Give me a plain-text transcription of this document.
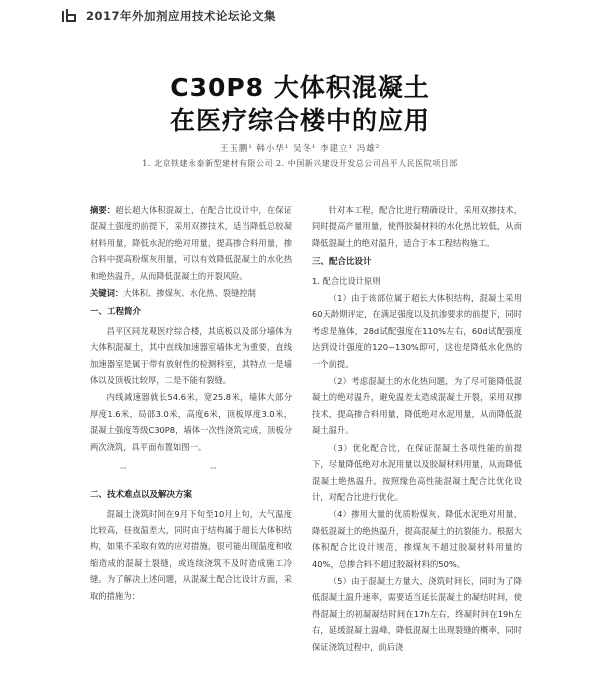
2017年外加剂应用技术论坛论文集
C30P8 大体积混凝土
在医疗综合楼中的应用
王玉鹏¹ 韩小华¹ 吴冬¹ 李建立¹ 冯雄²
1. 北京铁建永泰新型建材有限公司 2. 中国新兴建设开发总公司昌平人民医院项目部

摘要：超长超大体积混凝土，在配合比设计中，在保证混凝土强度的前提下，采用双掺技术，适当降低总胶凝材料用量，降低水泥的绝对用量，提高掺合料用量，掺合料中提高粉煤灰用量，可以有效降低混凝土的水化热和绝热温升，从而降低混凝土的开裂风险。

关键词：大体积、掺煤灰、水化热、裂缝控制

一、工程简介

昌平区同龙观医疗综合楼，其底板以及部分墙体为大体积混凝土，其中直线加速器室墙体尤为重要，直线加速器室是属于带有放射性的检测科室，其特点一是墙体以及顶板比较厚，二是不能有裂缝。

内线减速器就长54.6米，宽25.8米，墙体大部分厚度1.6米，局部3.0米，高度6米，顶板厚度3.0米，混凝土强度等级C30P8，墙体一次性浇筑完成，顶板分两次浇筑，具平面布置如图一。

""	""
二、技术难点以及解决方案

混凝土浇筑时间在9月下旬至10月上旬，大气温度比较高，昼夜温差大，同时由于结构属于超长大体积结构，如果不采取有效的应对措施，很可能出现温度和收缩造成的混凝土裂缝，或连续浇筑不及时造成施工冷缝。为了解决上述问题，从混凝土配合比设计方面，采取的措施为：

针对本工程，配合比进行精确设计，采用双掺技术，同时提高产量用量，使得胶凝材料的水化热比较低，从而降低混凝土的绝对温升，适合于本工程结构施工。

三、配合比设计
1. 配合比设计原则

（1）由于该部位属于超长大体积结构，混凝土采用60天龄期评定，在满足强度以及抗渗要求的前提下，同时考虑是施体，28d试配强度在110%左右，60d试配强度达到设计强度的120~130%即可，这也是降低水化热的一个前提。

（2）考虑混凝土的水化热问题，为了尽可能降低混凝土的绝对温升，避免温差太造成混凝土开裂，采用双掺技术，提高掺合料用量，降低绝对水泥用量，从而降低混凝土温升。

（3）优化配合比，在保证混凝土各项性能的前提下，尽量降低绝对水泥用量以及胶凝材料用量，从而降低混凝土绝热温升。按照缘色高性能混凝土配合比优化设计，对配合比进行优化。

（4）掺用大量的优质粉煤灰、降低水泥绝对用量，降低混凝土的绝热温升，提高混凝土的抗裂能力。根据大体积配合比设计规范，掺煤灰不超过胶凝材料用量的40%，总掺合料不超过胶凝材料的50%。

（5）由于混凝土方量大，浇筑时间长，同时为了降低混凝土温升速率，需要适当延长混凝土的凝结时间，使得混凝土的初凝凝结时间在17h左右，终凝时间在19h左右，延缓混凝土温峰，降低混凝土出现裂缝的概率，同时保证浇筑过程中，前后浇
